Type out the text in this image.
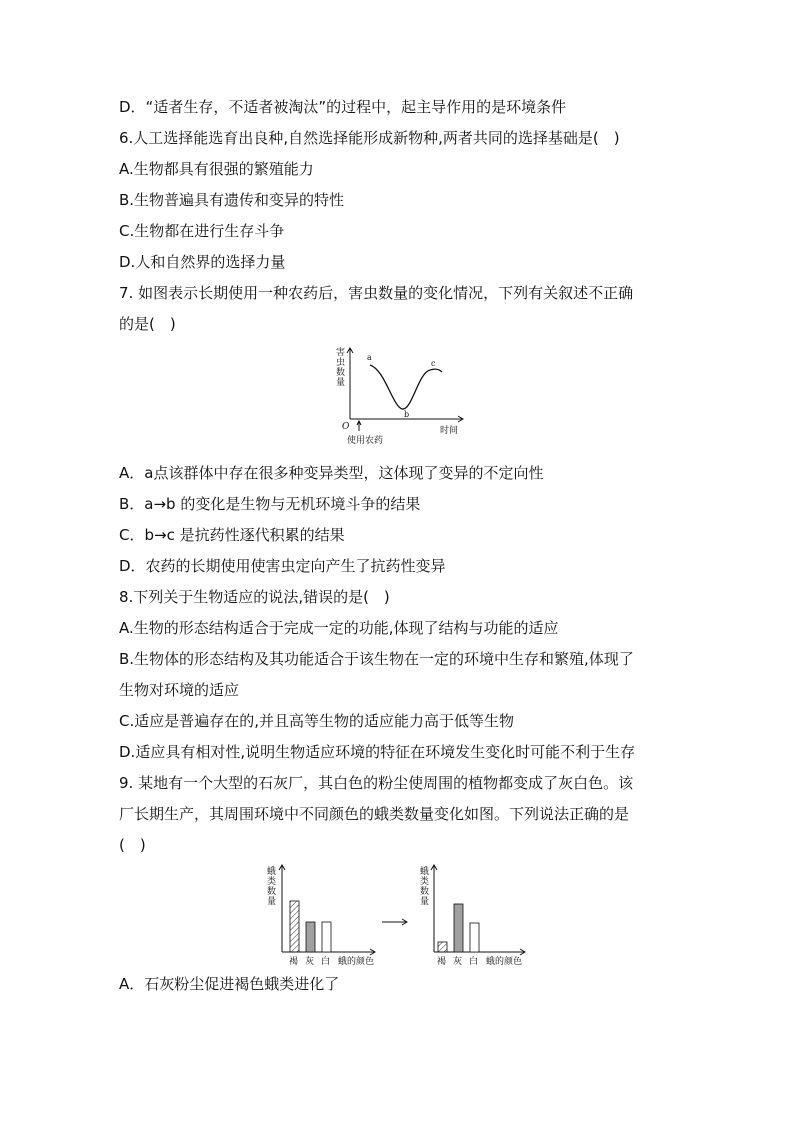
D．“适者生存，不适者被淘汰”的过程中，起主导作用的是环境条件
6.人工选择能选育出良种,自然选择能形成新物种,两者共同的选择基础是(　)
A.生物都具有很强的繁殖能力
B.生物普遍具有遗传和变异的特性
C.生物都在进行生存斗争
D.人和自然界的选择力量
7. 如图表示长期使用一种农药后，害虫数量的变化情况，下列有关叙述不正确
的是(　)
a
b
c
害虫数量
O
使用农药
时间
A．a点该群体中存在很多种变异类型，这体现了变异的不定向性
B．a→b 的变化是生物与无机环境斗争的结果
C．b→c 是抗药性逐代积累的结果
D．农药的长期使用使害虫定向产生了抗药性变异
8.下列关于生物适应的说法,错误的是(　)
A.生物的形态结构适合于完成一定的功能,体现了结构与功能的适应
B.生物体的形态结构及其功能适合于该生物在一定的环境中生存和繁殖,体现了
生物对环境的适应
C.适应是普遍存在的,并且高等生物的适应能力高于低等生物
D.适应具有相对性,说明生物适应环境的特征在环境发生变化时可能不利于生存
9. 某地有一个大型的石灰厂，其白色的粉尘使周围的植物都变成了灰白色。该
厂长期生产，其周围环境中不同颜色的蛾类数量变化如图。下列说法正确的是
(　)
蛾类数量
褐 灰 白 蛾的颜色
蛾类数量
褐 灰 白 蛾的颜色
A．石灰粉尘促进褐色蛾类进化了
